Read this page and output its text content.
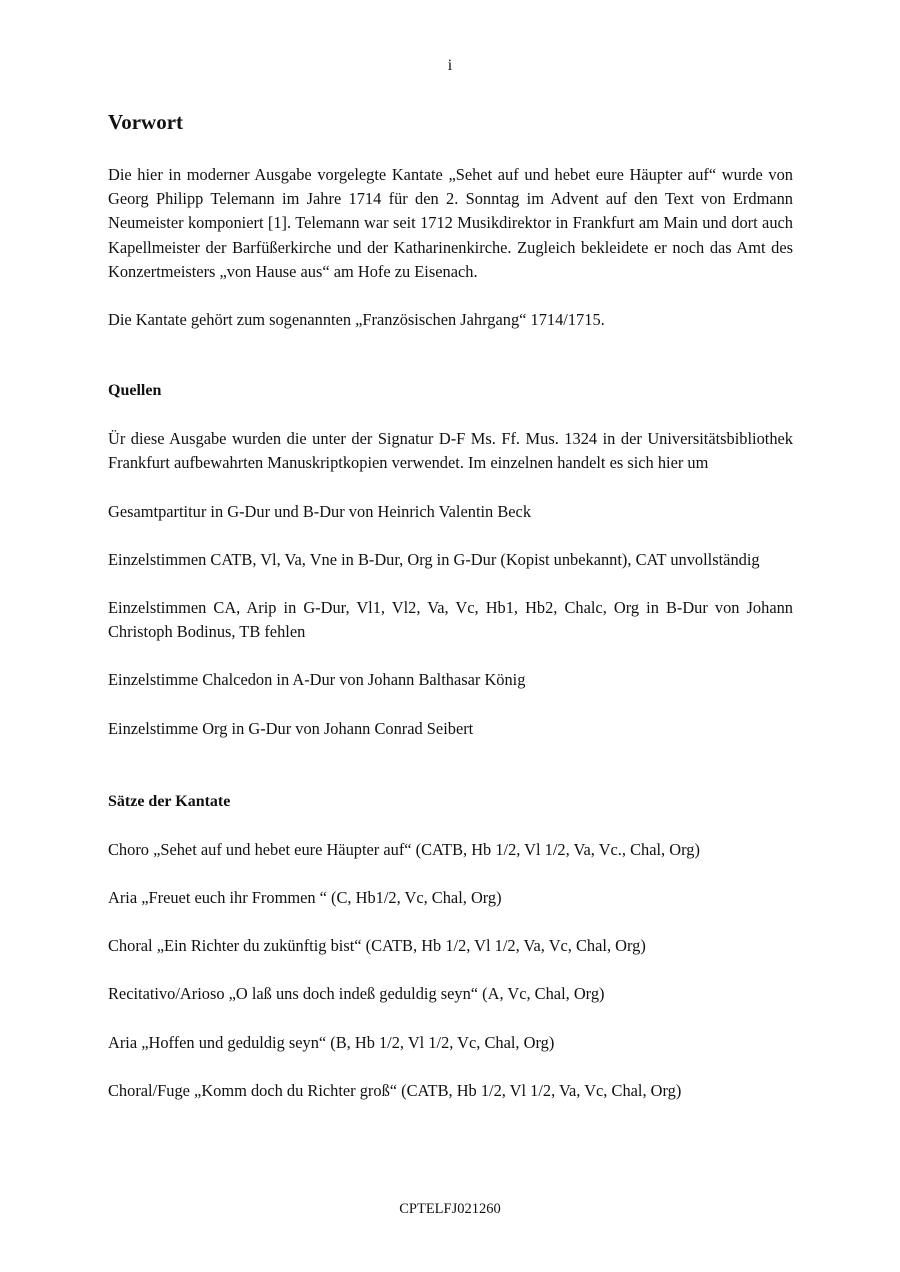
i
Vorwort

Die hier in moderner Ausgabe vorgelegte Kantate „Sehet auf und hebet eure Häupter auf“ wurde von Georg Philipp Telemann im Jahre 1714 für den 2. Sonntag im Advent auf den Text von Erdmann Neumeister komponiert [1]. Telemann war seit 1712 Musikdirektor in Frankfurt am Main und dort auch Kapellmeister der Barfüßerkirche und der Katharinenkirche. Zugleich bekleidete er noch das Amt des Konzertmeisters „von Hause aus“ am Hofe zu Eisenach.

Die Kantate gehört zum sogenannten „Französischen Jahrgang“ 1714/1715.

Quellen

Ür diese Ausgabe wurden die unter der Signatur D-F Ms. Ff. Mus. 1324 in der Universitätsbibliothek Frankfurt aufbewahrten Manuskriptkopien verwendet. Im einzelnen handelt es sich hier um

Gesamtpartitur in G-Dur und B-Dur von Heinrich Valentin Beck

Einzelstimmen CATB, Vl, Va, Vne in B-Dur, Org in G-Dur (Kopist unbekannt), CAT unvollständig

Einzelstimmen CA, Arip in G-Dur, Vl1, Vl2, Va, Vc, Hb1, Hb2, Chalc, Org in B-Dur von Johann Christoph Bodinus, TB fehlen

Einzelstimme Chalcedon in A-Dur von Johann Balthasar König

Einzelstimme Org in G-Dur von Johann Conrad Seibert

Sätze der Kantate

Choro „Sehet auf und hebet eure Häupter auf“ (CATB, Hb 1/2, Vl 1/2, Va, Vc., Chal, Org)

Aria „Freuet euch ihr Frommen “ (C, Hb1/2, Vc, Chal, Org)

Choral „Ein Richter du zukünftig bist“ (CATB, Hb 1/2, Vl 1/2, Va, Vc, Chal, Org)

Recitativo/Arioso „O laß uns doch indeß geduldig seyn“ (A, Vc, Chal, Org)

Aria „Hoffen und geduldig seyn“ (B, Hb 1/2, Vl 1/2, Vc, Chal, Org)

Choral/Fuge „Komm doch du Richter groß“ (CATB, Hb 1/2, Vl 1/2, Va, Vc, Chal, Org)

CPTELFJ021260
